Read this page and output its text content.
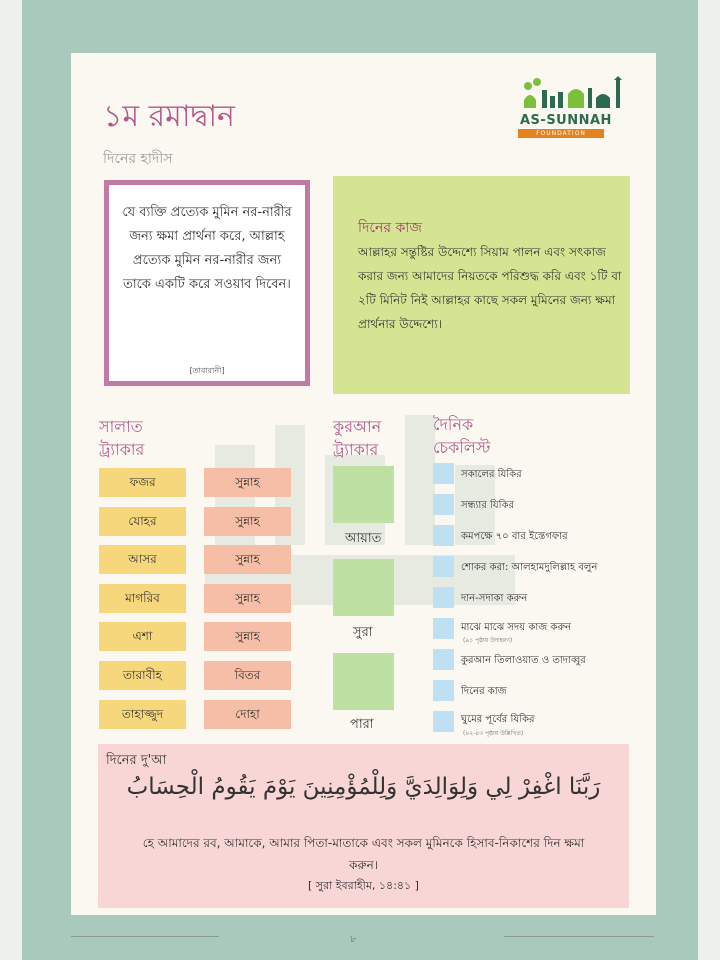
১ম রমাদ্বান
দিনের হাদীস
AS-SUNNAH
FOUNDATION
যে ব্যক্তি প্রত্যেক মুমিন নর-নারীর জন্য ক্ষমা প্রার্থনা করে, আল্লাহ প্রত্যেক মুমিন নর-নারীর জন্য তাকে একটি করে সওয়াব দিবেন।
[তাবারানী]
দিনের কাজ
আল্লাহর সন্তুষ্টির উদ্দেশ্যে সিয়াম পালন এবং সৎকাজ করার জন্য আমাদের নিয়তকে পরিশুদ্ধ করি এবং ১টি বা ২টি মিনিট নিই আল্লাহর কাছে সকল মুমিনের জন্য ক্ষমা প্রার্থনার উদ্দেশ্যে।
সালাত
ট্র্যাকার
কুরআন
ট্র্যাকার
দৈনিক
চেকলিস্ট
ফজর
যোহর
আসর
মাগরিব
এশা
তারাবীহ
তাহাজ্জুদ
সুন্নাহ
সুন্নাহ
সুন্নাহ
সুন্নাহ
সুন্নাহ
বিতর
দোহা
আয়াত
সুরা
পারা
সকালের যিকির
সন্ধ্যার যিকির
কমপক্ষে ৭০ বার ইস্তেগফার
শোকর করা: আলহামদুলিল্লাহ বলুন
দান-সদাকা করুন
মাঝে মাঝে সদয় কাজ করুন
(৯১ পৃষ্ঠায় উদাহরণ)
কুরআন তিলাওয়াত ও তাদাব্বুর
দিনের কাজ
ঘুমের পূর্বের যিকির
(৪২-৪৩ পৃষ্ঠায় উল্লিখিত)
দিনের দু'আ
رَبَّنَا اغْفِرْ لِي وَلِوَالِدَيَّ وَلِلْمُؤْمِنِينَ يَوْمَ يَقُومُ الْحِسَابُ
হে আমাদের রব, আমাকে, আমার পিতা-মাতাকে এবং সকল মুমিনকে হিসাব-নিকাশের দিন ক্ষমা করুন।
[ সুরা ইবরাহীম, ১৪:৪১ ]
৮
